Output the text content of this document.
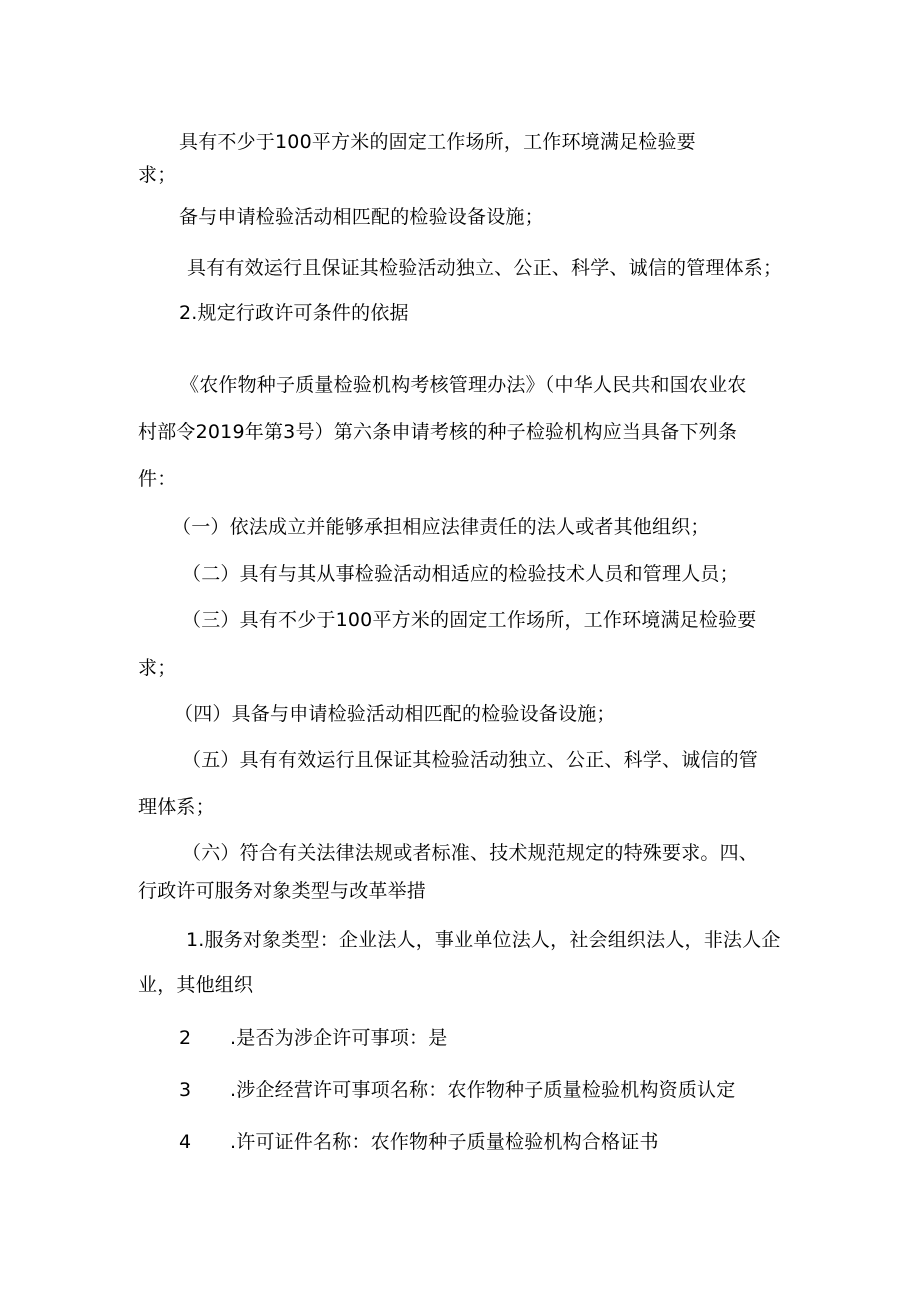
具有不少于100平方米的固定工作场所，工作环境满足检验要
求；
备与申请检验活动相匹配的检验设备设施；
具有有效运行且保证其检验活动独立、公正、科学、诚信的管理体系；
2.规定行政许可条件的依据
《农作物种子质量检验机构考核管理办法》（中华人民共和国农业农
村部令2019年第3号）第六条申请考核的种子检验机构应当具备下列条
件：
（一）依法成立并能够承担相应法律责任的法人或者其他组织；
（二）具有与其从事检验活动相适应的检验技术人员和管理人员；
（三）具有不少于100平方米的固定工作场所，工作环境满足检验要
求；
（四）具备与申请检验活动相匹配的检验设备设施；
（五）具有有效运行且保证其检验活动独立、公正、科学、诚信的管
理体系；
（六）符合有关法律法规或者标准、技术规范规定的特殊要求。四、
行政许可服务对象类型与改革举措
1.服务对象类型：企业法人，事业单位法人，社会组织法人，非法人企
业，其他组织
2 .是否为涉企许可事项：是
3 .涉企经营许可事项名称：农作物种子质量检验机构资质认定
4 .许可证件名称：农作物种子质量检验机构合格证书
